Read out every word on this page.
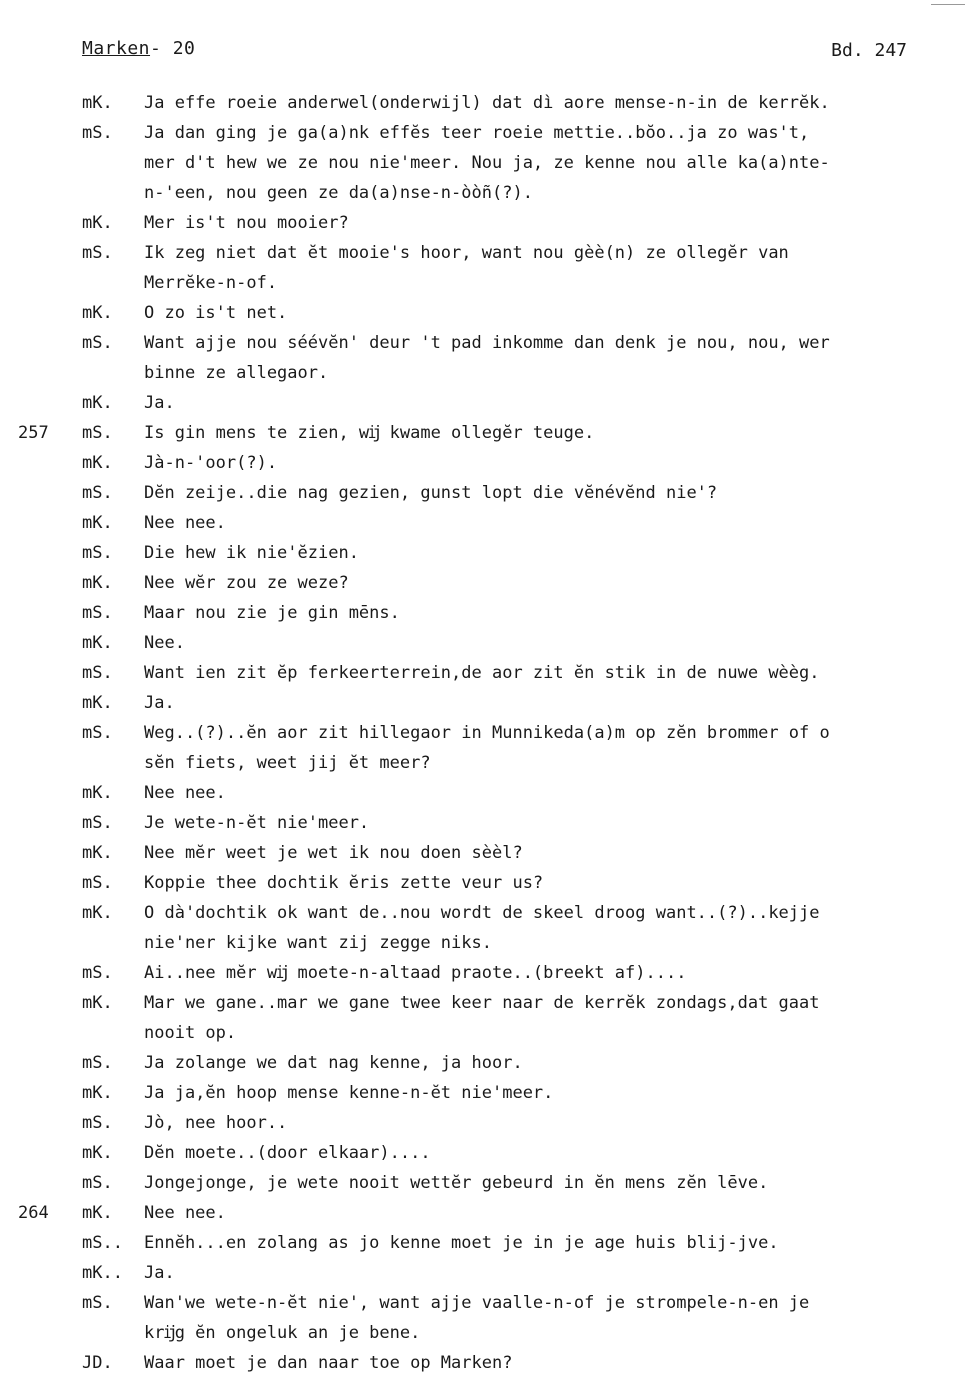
Marken- 20	Bd. 247
mK. Ja effe roeie anderwel(onderwijl) dat dì aore mense-n-in de kerrĕk.
mS. Ja dan ging je ga(a)nk effĕs teer roeie mettie..bŏo..ja zo was't,
mer d't hew we ze nou nie'meer. Nou ja, ze kenne nou alle ka(a)nte-
n-'een, nou geen ze da(a)nse-n-ὸὸñ(?).
mK. Mer is't nou mooier?
mS. Ik zeg niet dat ĕt mooie's hoor, want nou gèè(n) ze ollegĕr van
Merrĕke-n-of.
mK. O zo is't net.
mS. Want ajje nou séévĕn' deur 't pad inkomme dan denk je nou, nou, wer
binne ze allegaor.
mK. Ja.
257 mS. Is gin mens te zien, wĳ kwame ollegĕr teuge.
mK. Jà-n-'oor(?).
mS. Dĕn zeije..die nag gezien, gunst lopt die vĕnévĕnd nie'?
mK. Nee nee.
mS. Die hew ik nie'ĕzien.
mK. Nee wĕr zou ze weze?
mS. Maar nou zie je gin mēns.
mK. Nee.
mS. Want ien zit ĕp ferkeerterrein,de aor zit ĕn stik in de nuwe wèèg.
mK. Ja.
mS. Weg..(?)..ĕn aor zit hillegaor in Munnikeda(a)m op zĕn brommer of o
sĕn fiets, weet jij ĕt meer?
mK. Nee nee.
mS. Je wete-n-ĕt nie'meer.
mK. Nee mĕr weet je wet ik nou doen sèèl?
mS. Koppie thee dochtik ĕris zette veur us?
mK. O dà'dochtik ok want de..nou wordt de skeel droog want..(?)..kejje
nie'ner kijke want zij zegge niks.
mS. Ai..nee mĕr wĳ moete-n-altaad praote..(breekt af)....
mK. Mar we gane..mar we gane twee keer naar de kerrĕk zondags,dat gaat
nooit op.
mS. Ja zolange we dat nag kenne, ja hoor.
mK. Ja ja,ĕn hoop mense kenne-n-ĕt nie'meer.
mS. Jò, nee hoor..
mK. Dĕn moete..(door elkaar)....
mS. Jongejonge, je wete nooit wettĕr gebeurd in ĕn mens zĕn lēve.
264 mK. Nee nee.
mS.. Ennĕh...en zolang as jo kenne moet je in je age huis blij-jve.
mK.. Ja.
mS. Wan'we wete-n-ĕt nie', want ajje vaalle-n-of je strompele-n-en je
krĳg ĕn ongeluk an je bene.
JD. Waar moet je dan naar toe op Marken?
